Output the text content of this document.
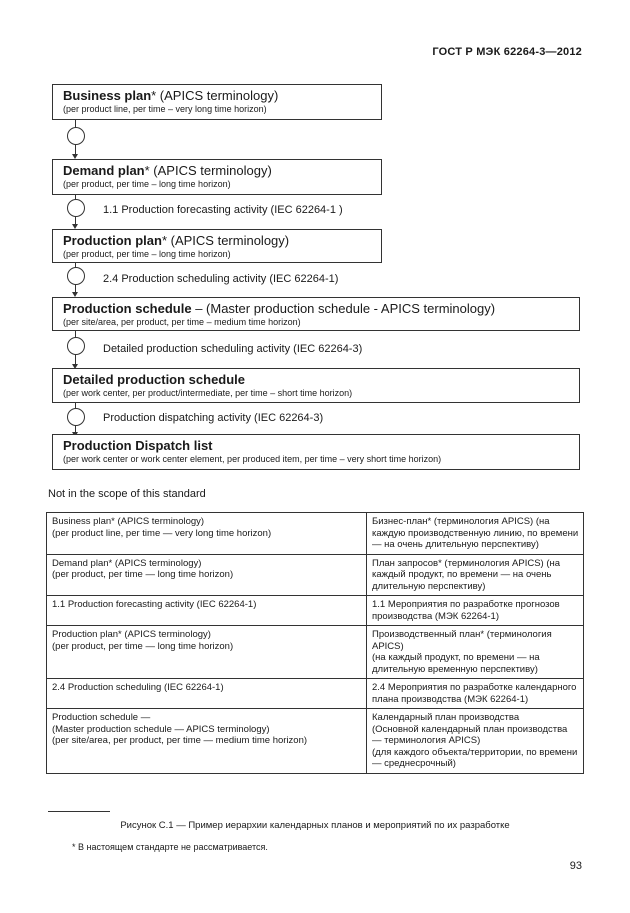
ГОСТ Р МЭК 62264-3—2012
Business plan* (APICS terminology)
(per product line, per time – very long time horizon)
Demand plan* (APICS terminology)
(per product, per time – long time horizon)
1.1 Production forecasting activity (IEC 62264-1 )
Production plan* (APICS terminology)
(per product, per time – long time horizon)
2.4 Production scheduling activity (IEC 62264-1)
Production schedule – (Master production schedule - APICS terminology)
(per site/area, per product, per time – medium time horizon)
Detailed production scheduling activity (IEC 62264-3)
Detailed production schedule
(per work center, per product/intermediate, per time – short time horizon)
Production dispatching activity (IEC 62264-3)
Production Dispatch list
(per work center or work center element, per produced item, per time – very short time horizon)
Not in the scope of this standard
Business plan* (APICS terminology)
(per product line, per time — very long time horizon)	Бизнес-план* (терминология APICS) (на каждую производственную линию, по времени — на очень длительную перспективу)
Demand plan* (APICS terminology)
(per product, per time — long time horizon)	План запросов* (терминология APICS) (на каждый продукт, по времени — на очень длительную перспективу)
1.1 Production forecasting activity (IEC 62264-1)	1.1 Мероприятия по разработке прогнозов производства (МЭК 62264-1)
Production plan* (APICS terminology)
(per product, per time — long time horizon)	Производственный план* (терминология APICS)
(на каждый продукт, по времени — на длительную временную перспективу)
2.4 Production scheduling (IEC 62264-1)	2.4 Мероприятия по разработке календарного плана производства (МЭК 62264-1)
Production schedule —
(Master production schedule — APICS terminology)
(per site/area, per product, per time — medium time horizon)	Календарный план производства
(Основной календарный план производства — терминология APICS)
(для каждого объекта/территории, по времени — среднесрочный)
Рисунок С.1 — Пример иерархии календарных планов и мероприятий по их разработке
* В настоящем стандарте не рассматривается.
93
